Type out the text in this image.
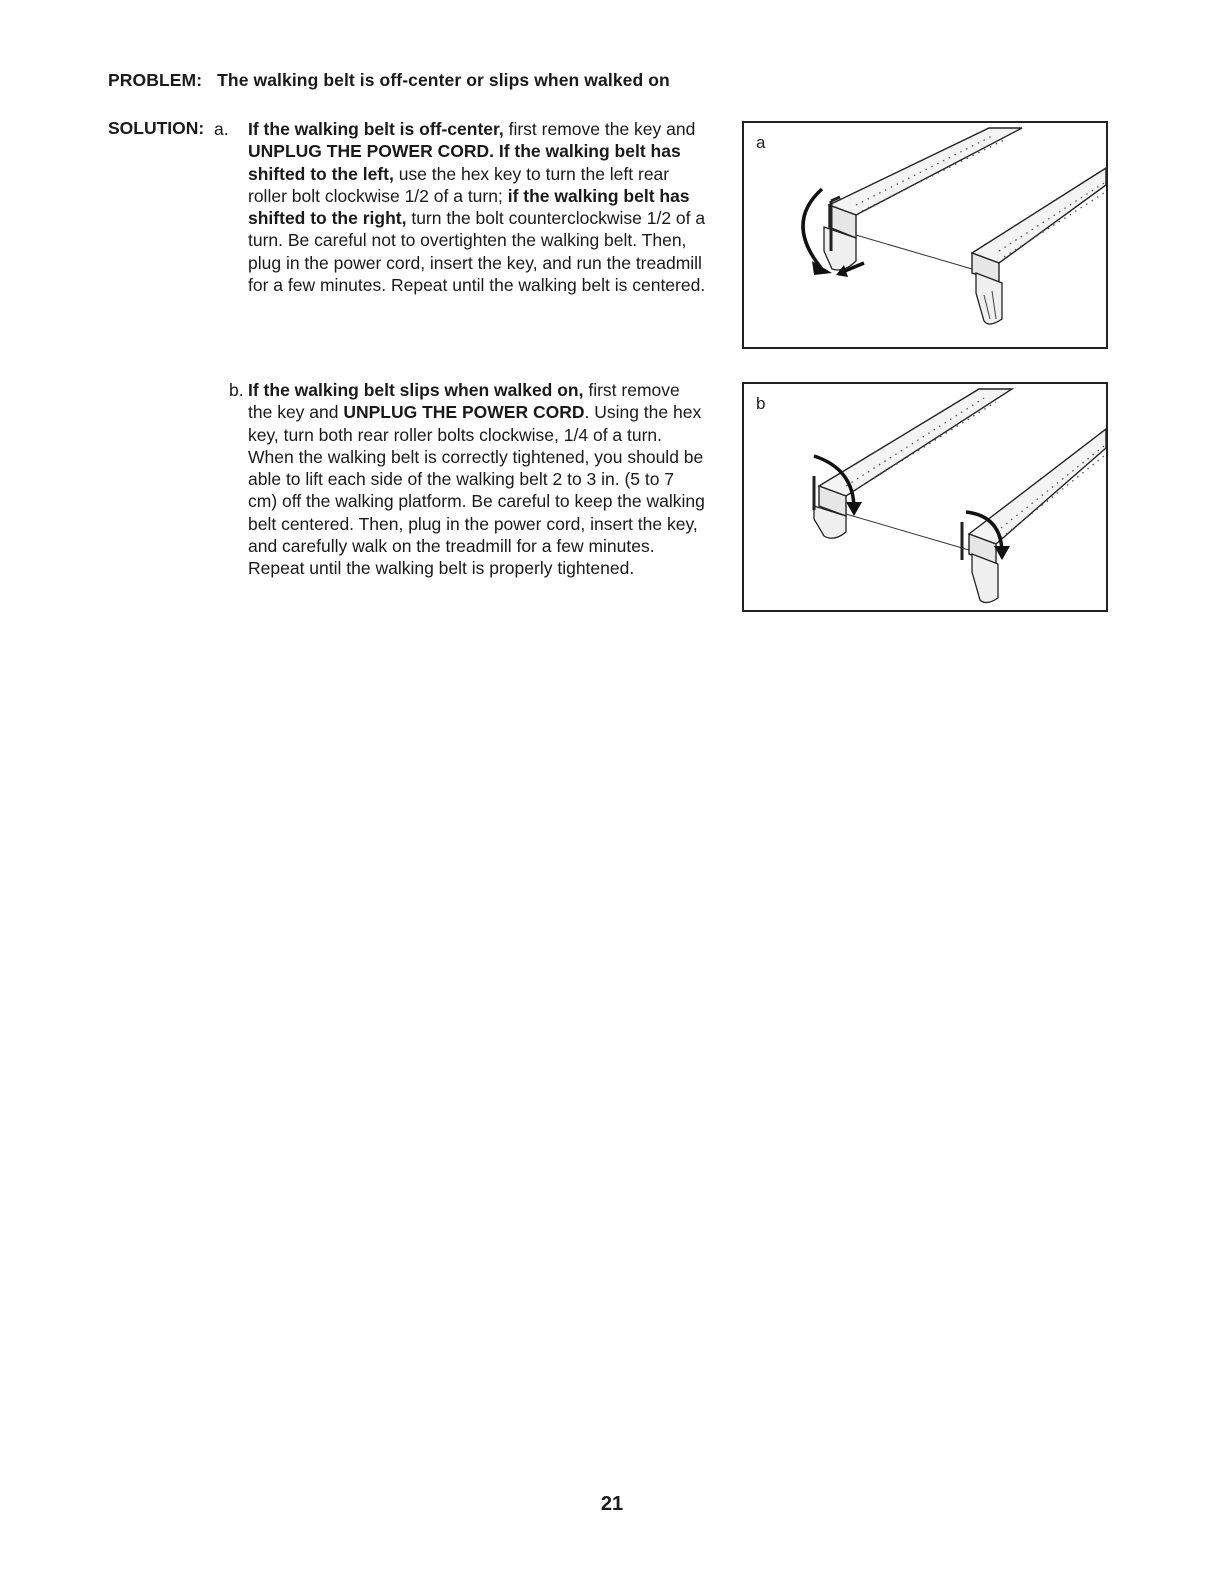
PROBLEM: The walking belt is off-center or slips when walked on
SOLUTION: a. If the walking belt is off-center, first remove the key and UNPLUG THE POWER CORD. If the walking belt has shifted to the left, use the hex key to turn the left rear roller bolt clockwise 1/2 of a turn; if the walking belt has shifted to the right, turn the bolt counterclockwise 1/2 of a turn. Be careful not to overtighten the walking belt. Then, plug in the power cord, insert the key, and run the treadmill for a few minutes. Repeat until the walking belt is centered.

b. If the walking belt slips when walked on, first remove the key and UNPLUG THE POWER CORD. Using the hex key, turn both rear roller bolts clockwise, 1/4 of a turn. When the walking belt is correctly tightened, you should be able to lift each side of the walking belt 2 to 3 in. (5 to 7 cm) off the walking platform. Be careful to keep the walking belt centered. Then, plug in the power cord, insert the key, and carefully walk on the treadmill for a few minutes. Repeat until the walking belt is properly tightened.

a
b
21
